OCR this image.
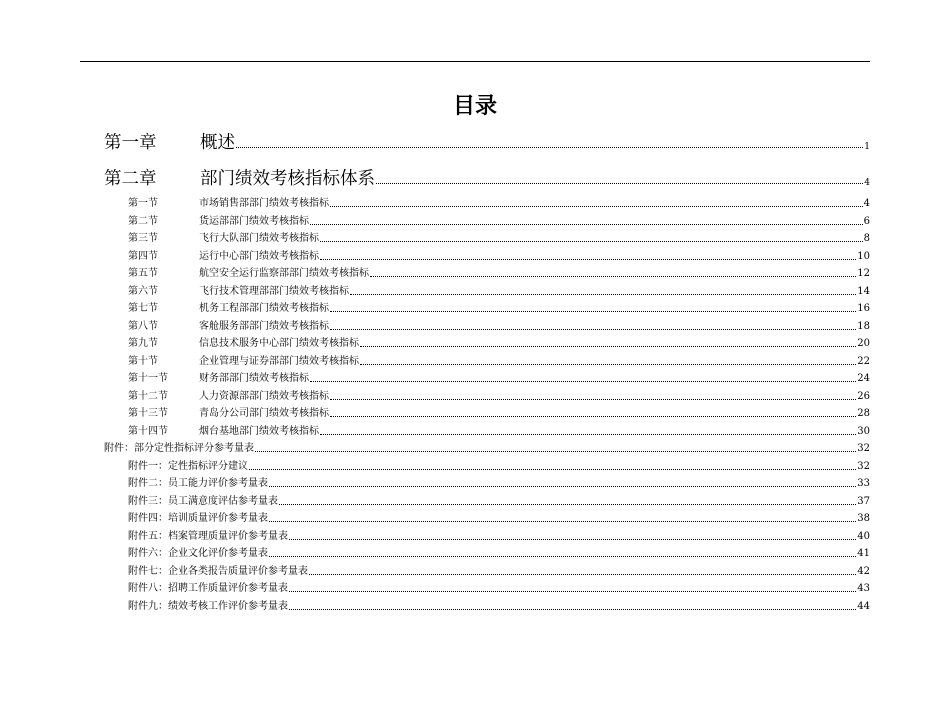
目录
第一章	概述	1
第二章	部门绩效考核指标体系	4
第一节	市场销售部部门绩效考核指标	4
第二节	货运部部门绩效考核指标	6
第三节	飞行大队部门绩效考核指标	8
第四节	运行中心部门绩效考核指标	10
第五节	航空安全运行监察部部门绩效考核指标	12
第六节	飞行技术管理部部门绩效考核指标	14
第七节	机务工程部部门绩效考核指标	16
第八节	客舱服务部部门绩效考核指标	18
第九节	信息技术服务中心部门绩效考核指标	20
第十节	企业管理与证券部部门绩效考核指标	22
第十一节	财务部部门绩效考核指标	24
第十二节	人力资源部部门绩效考核指标	26
第十三节	青岛分公司部门绩效考核指标	28
第十四节	烟台基地部门绩效考核指标	30
附件：部分定性指标评分参考量表	32
附件一：定性指标评分建议	32
附件二：员工能力评价参考量表	33
附件三：员工满意度评估参考量表	37
附件四：培训质量评价参考量表	38
附件五：档案管理质量评价参考量表	40
附件六：企业文化评价参考量表	41
附件七：企业各类报告质量评价参考量表	42
附件八：招聘工作质量评价参考量表	43
附件九：绩效考核工作评价参考量表	44
